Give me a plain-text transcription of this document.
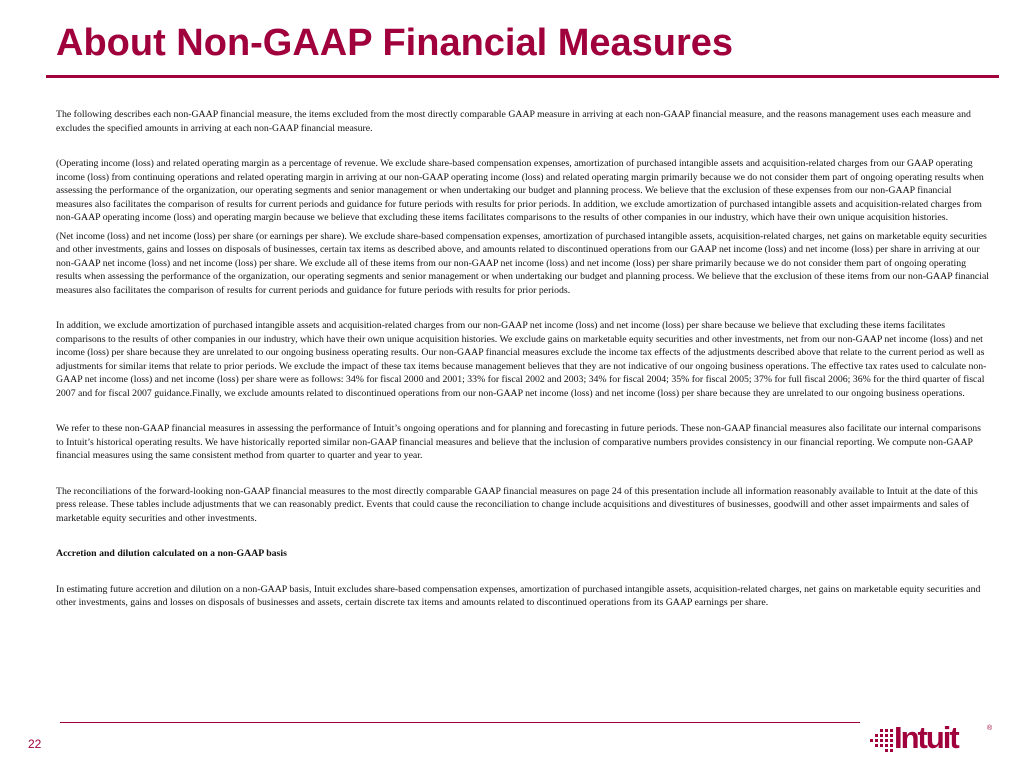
About Non-GAAP Financial Measures

The following describes each non-GAAP financial measure, the items excluded from the most directly comparable GAAP measure in arriving at each non-GAAP financial measure, and the reasons management uses each measure and excludes the specified amounts in arriving at each non-GAAP financial measure.

(Operating income (loss) and related operating margin as a percentage of revenue. We exclude share-based compensation expenses, amortization of purchased intangible assets and acquisition-related charges from our GAAP operating income (loss) from continuing operations and related operating margin in arriving at our non-GAAP operating income (loss) and related operating margin primarily because we do not consider them part of ongoing operating results when assessing the performance of the organization, our operating segments and senior management or when undertaking our budget and planning process. We believe that the exclusion of these expenses from our non-GAAP financial measures also facilitates the comparison of results for current periods and guidance for future periods with results for prior periods. In addition, we exclude amortization of purchased intangible assets and acquisition-related charges from non-GAAP operating income (loss) and operating margin because we believe that excluding these items facilitates comparisons to the results of other companies in our industry, which have their own unique acquisition histories.

(Net income (loss) and net income (loss) per share (or earnings per share). We exclude share-based compensation expenses, amortization of purchased intangible assets, acquisition-related charges, net gains on marketable equity securities and other investments, gains and losses on disposals of businesses, certain tax items as described above, and amounts related to discontinued operations from our GAAP net income (loss) and net income (loss) per share in arriving at our non-GAAP net income (loss) and net income (loss) per share. We exclude all of these items from our non-GAAP net income (loss) and net income (loss) per share primarily because we do not consider them part of ongoing operating results when assessing the performance of the organization, our operating segments and senior management or when undertaking our budget and planning process. We believe that the exclusion of these items from our non-GAAP financial measures also facilitates the comparison of results for current periods and guidance for future periods with results for prior periods.

In addition, we exclude amortization of purchased intangible assets and acquisition-related charges from our non-GAAP net income (loss) and net income (loss) per share because we believe that excluding these items facilitates comparisons to the results of other companies in our industry, which have their own unique acquisition histories. We exclude gains on marketable equity securities and other investments, net from our non-GAAP net income (loss) and net income (loss) per share because they are unrelated to our ongoing business operating results. Our non-GAAP financial measures exclude the income tax effects of the adjustments described above that relate to the current period as well as adjustments for similar items that relate to prior periods. We exclude the impact of these tax items because management believes that they are not indicative of our ongoing business operations. The effective tax rates used to calculate non-GAAP net income (loss) and net income (loss) per share were as follows: 34% for fiscal 2000 and 2001; 33% for fiscal 2002 and 2003; 34% for fiscal 2004; 35% for fiscal 2005; 37% for full fiscal 2006; 36% for the third quarter of fiscal 2007 and for fiscal 2007 guidance.Finally, we exclude amounts related to discontinued operations from our non-GAAP net income (loss) and net income (loss) per share because they are unrelated to our ongoing business operations.

We refer to these non-GAAP financial measures in assessing the performance of Intuit’s ongoing operations and for planning and forecasting in future periods. These non-GAAP financial measures also facilitate our internal comparisons to Intuit’s historical operating results. We have historically reported similar non-GAAP financial measures and believe that the inclusion of comparative numbers provides consistency in our financial reporting. We compute non-GAAP financial measures using the same consistent method from quarter to quarter and year to year.

The reconciliations of the forward-looking non-GAAP financial measures to the most directly comparable GAAP financial measures on page 24 of this presentation include all information reasonably available to Intuit at the date of this press release. These tables include adjustments that we can reasonably predict. Events that could cause the reconciliation to change include acquisitions and divestitures of businesses, goodwill and other asset impairments and sales of marketable equity securities and other investments.

Accretion and dilution calculated on a non-GAAP basis

In estimating future accretion and dilution on a non-GAAP basis, Intuit excludes share-based compensation expenses, amortization of purchased intangible assets, acquisition-related charges, net gains on marketable equity securities and other investments, gains and losses on disposals of businesses and assets, certain discrete tax items and amounts related to discontinued operations from its GAAP earnings per share.

22	Intuit	®
